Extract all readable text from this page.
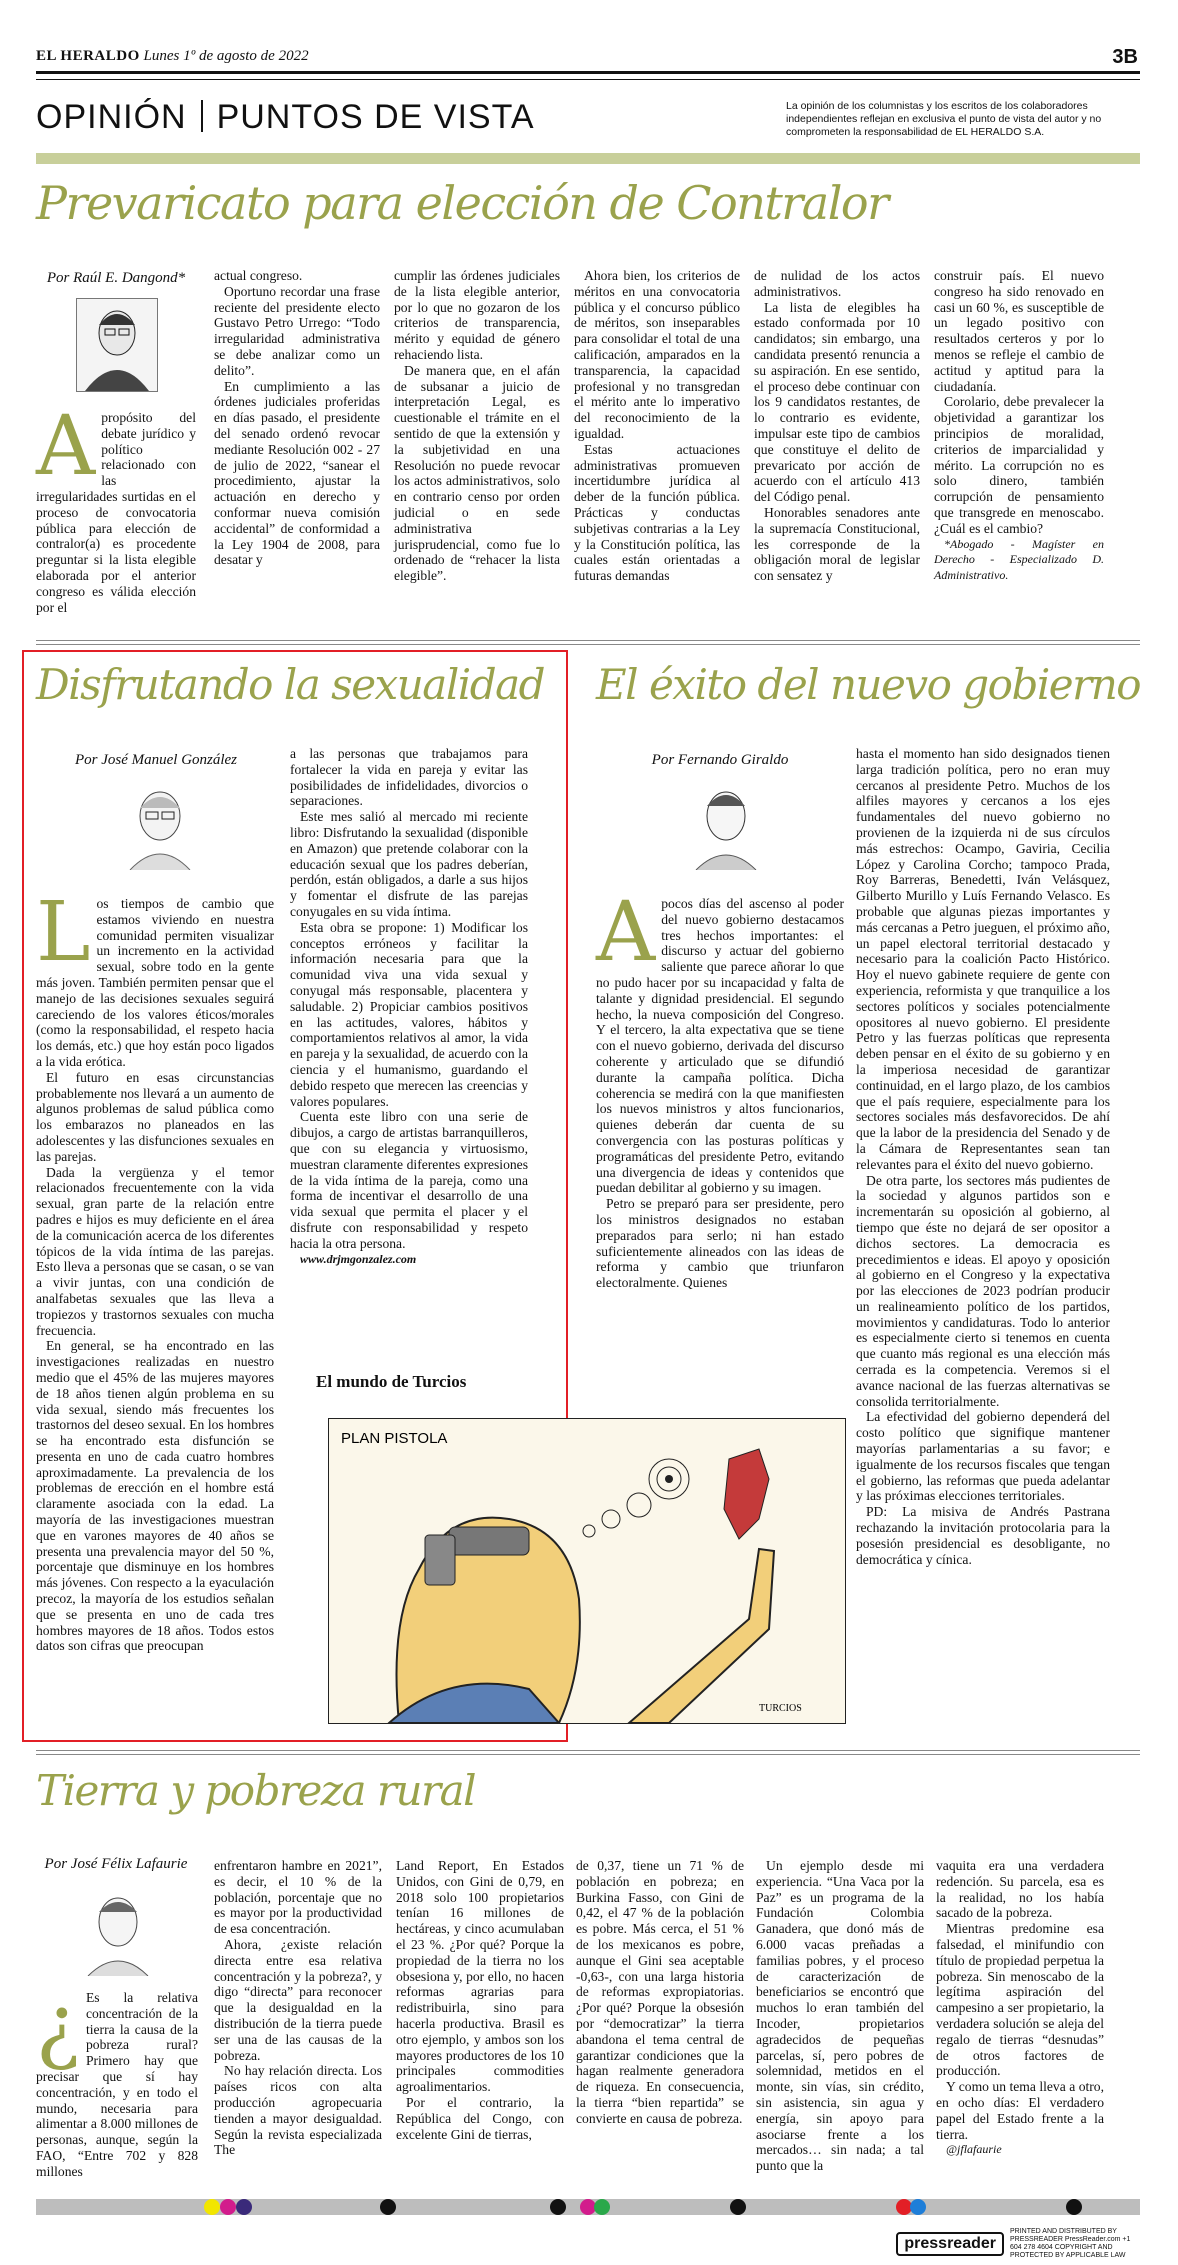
EL HERALDO Lunes 1º de agosto de 2022	3B
OPINIÓN PUNTOS DE VISTA	La opinión de los columnistas y los escritos de los colaboradores independientes reflejan en exclusiva el punto de vista del autor y no comprometen la responsabilidad de EL HERALDO S.A.
Prevaricato para elección de Contralor
Por Raúl E. Dangond*
Apropósito del debate jurídico y político relacionado con las irregularidades surtidas en el proceso de convocatoria pública para elección de contralor(a) es procedente preguntar si la lista elegible elaborada por el anterior congreso es válida elección por el

actual congreso.

Oportuno recordar una frase reciente del presidente electo Gustavo Petro Urrego: “Todo irregularidad administrativa se debe analizar como un delito”.

En cumplimiento a las órdenes judiciales proferidas en días pasado, el presidente del senado ordenó revocar mediante Resolución 002 - 27 de julio de 2022, “sanear el procedimiento, ajustar la actuación en derecho y conformar nueva comisión accidental” de conformidad a la Ley 1904 de 2008, para desatar y

cumplir las órdenes judiciales de la lista elegible anterior, por lo que no gozaron de los criterios de transparencia, mérito y equidad de género rehaciendo lista.

De manera que, en el afán de subsanar a juicio de interpretación Legal, es cuestionable el trámite en el sentido de que la extensión y la subjetividad en una Resolución no puede revocar los actos administrativos, solo en contrario censo por orden judicial o en sede administrativa jurisprudencial, como fue lo ordenado de “rehacer la lista elegible”.

Ahora bien, los criterios de méritos en una convocatoria pública y el concurso público de méritos, son inseparables para consolidar el total de una calificación, amparados en la transparencia, la capacidad profesional y no transgredan el mérito ante lo imperativo del reconocimiento de la igualdad.

Estas actuaciones administrativas promueven incertidumbre jurídica al deber de la función pública. Prácticas y conductas subjetivas contrarias a la Ley y la Constitución política, las cuales están orientadas a futuras demandas

de nulidad de los actos administrativos.

La lista de elegibles ha estado conformada por 10 candidatos; sin embargo, una candidata presentó renuncia a su aspiración. En ese sentido, el proceso debe continuar con los 9 candidatos restantes, de lo contrario es evidente, impulsar este tipo de cambios que constituye el delito de prevaricato por acción de acuerdo con el artículo 413 del Código penal.

Honorables senadores ante la supremacía Constitucional, les corresponde de la obligación moral de legislar con sensatez y

construir país. El nuevo congreso ha sido renovado en casi un 60 %, es susceptible de un legado positivo con resultados certeros y por lo menos se refleje el cambio de actitud y aptitud para la ciudadanía.

Corolario, debe prevalecer la objetividad a garantizar los principios de moralidad, criterios de imparcialidad y mérito. La corrupción no es solo dinero, también corrupción de pensamiento que transgrede en menoscabo. ¿Cuál es el cambio?

*Abogado - Magíster en Derecho - Especializado D. Administrativo.

Disfrutando la sexualidad
Por José Manuel González

Los tiempos de cambio que estamos viviendo en nuestra comunidad permiten visualizar un incremento en la actividad sexual, sobre todo en la gente más joven. También permiten pensar que el manejo de las decisiones sexuales seguirá careciendo de los valores éticos/morales (como la responsabilidad, el respeto hacia los demás, etc.) que hoy están poco ligados a la vida erótica.

El futuro en esas circunstancias probablemente nos llevará a un aumento de algunos problemas de salud pública como los embarazos no planeados en las adolescentes y las disfunciones sexuales en las parejas.

Dada la vergüenza y el temor relacionados frecuentemente con la vida sexual, gran parte de la relación entre padres e hijos es muy deficiente en el área de la comunicación acerca de los diferentes tópicos de la vida íntima de las parejas. Esto lleva a personas que se casan, o se van a vivir juntas, con una condición de analfabetas sexuales que las lleva a tropiezos y trastornos sexuales con mucha frecuencia.

En general, se ha encontrado en las investigaciones realizadas en nuestro medio que el 45% de las mujeres mayores de 18 años tienen algún problema en su vida sexual, siendo más frecuentes los trastornos del deseo sexual. En los hombres se ha encontrado esta disfunción se presenta en uno de cada cuatro hombres aproximadamente. La prevalencia de los problemas de erección en el hombre está claramente asociada con la edad. La mayoría de las investigaciones muestran que en varones mayores de 40 años se presenta una prevalencia mayor del 50 %, porcentaje que disminuye en los hombres más jóvenes. Con respecto a la eyaculación precoz, la mayoría de los estudios señalan que se presenta en uno de cada tres hombres mayores de 18 años. Todos estos datos son cifras que preocupan

a las personas que trabajamos para fortalecer la vida en pareja y evitar las posibilidades de infidelidades, divorcios o separaciones.

Este mes salió al mercado mi reciente libro: Disfrutando la sexualidad (disponible en Amazon) que pretende colaborar con la educación sexual que los padres deberían, perdón, están obligados, a darle a sus hijos y fomentar el disfrute de las parejas conyugales en su vida íntima.

Esta obra se propone: 1) Modificar los conceptos erróneos y facilitar la información necesaria para que la comunidad viva una vida sexual y conyugal más responsable, placentera y saludable. 2) Propiciar cambios positivos en las actitudes, valores, hábitos y comportamientos relativos al amor, la vida en pareja y la sexualidad, de acuerdo con la ciencia y el humanismo, guardando el debido respeto que merecen las creencias y valores populares.

Cuenta este libro con una serie de dibujos, a cargo de artistas barranquilleros, que con su elegancia y virtuosismo, muestran claramente diferentes expresiones de la vida íntima de la pareja, como una forma de incentivar el desarrollo de una vida sexual que permita el placer y el disfrute con responsabilidad y respeto hacia la otra persona.

www.drjmgonzalez.com

El mundo de Turcios
PLAN PISTOLA
TURCIOS
El éxito del nuevo gobierno
Por Fernando Giraldo

Apocos días del ascenso al poder del nuevo gobierno destacamos tres hechos importantes: el discurso y actuar del gobierno saliente que parece añorar lo que no pudo hacer por su incapacidad y falta de talante y dignidad presidencial. El segundo hecho, la nueva composición del Congreso. Y el tercero, la alta expectativa que se tiene con el nuevo gobierno, derivada del discurso coherente y articulado que se difundió durante la campaña política. Dicha coherencia se medirá con la que manifiesten los nuevos ministros y altos funcionarios, quienes deberán dar cuenta de su convergencia con las posturas políticas y programáticas del presidente Petro, evitando una divergencia de ideas y contenidos que puedan debilitar al gobierno y su imagen.

Petro se preparó para ser presidente, pero los ministros designados no estaban preparados para serlo; ni han estado suficientemente alineados con las ideas de reforma y cambio que triunfaron electoralmente. Quienes

hasta el momento han sido designados tienen larga tradición política, pero no eran muy cercanos al presidente Petro. Muchos de los alfiles mayores y cercanos a los ejes fundamentales del nuevo gobierno no provienen de la izquierda ni de sus círculos más estrechos: Ocampo, Gaviria, Cecilia López y Carolina Corcho; tampoco Prada, Roy Barreras, Benedetti, Iván Velásquez, Gilberto Murillo y Luís Fernando Velasco. Es probable que algunas piezas importantes y más cercanas a Petro jueguen, el próximo año, un papel electoral territorial destacado y necesario para la coalición Pacto Histórico. Hoy el nuevo gabinete requiere de gente con experiencia, reformista y que tranquilice a los sectores políticos y sociales potencialmente opositores al nuevo gobierno. El presidente Petro y las fuerzas políticas que representa deben pensar en el éxito de su gobierno y en la imperiosa necesidad de garantizar continuidad, en el largo plazo, de los cambios que el país requiere, especialmente para los sectores sociales más desfavorecidos. De ahí que la labor de la presidencia del Senado y de la Cámara de Representantes sean tan relevantes para el éxito del nuevo gobierno.

De otra parte, los sectores más pudientes de la sociedad y algunos partidos son e incrementarán su oposición al gobierno, al tiempo que éste no dejará de ser opositor a dichos sectores. La democracia es precedimientos e ideas. El apoyo y oposición al gobierno en el Congreso y la expectativa por las elecciones de 2023 podrían producir un realineamiento político de los partidos, movimientos y candidaturas. Todo lo anterior es especialmente cierto si tenemos en cuenta que cuanto más regional es una elección más cerrada es la competencia. Veremos si el avance nacional de las fuerzas alternativas se consolida territorialmente.

La efectividad del gobierno dependerá del costo político que signifique mantener mayorías parlamentarias a su favor; e igualmente de los recursos fiscales que tengan el gobierno, las reformas que pueda adelantar y las próximas elecciones territoriales.

PD: La misiva de Andrés Pastrana rechazando la invitación protocolaria para la posesión presidencial es desobligante, no democrática y cínica.

Tierra y pobreza rural
Por José Félix Lafaurie
¿ Es la relativa concentración de la tierra la causa de la pobreza rural? Primero hay que precisar que sí hay concentración, y en todo el mundo, necesaria para alimentar a 8.000 millones de personas, aunque, según la FAO, “Entre 702 y 828 millones

enfrentaron hambre en 2021”, es decir, el 10 % de la población, porcentaje que no es mayor por la productividad de esa concentración.

Ahora, ¿existe relación directa entre esa relativa concentración y la pobreza?, y digo “directa” para reconocer que la desigualdad en la distribución de la tierra puede ser una de las causas de la pobreza.

No hay relación directa. Los países ricos con alta producción agropecuaria tienden a mayor desigualdad. Según la revista especializada The

Land Report, En Estados Unidos, con Gini de 0,79, en 2018 solo 100 propietarios tenían 16 millones de hectáreas, y cinco acumulaban el 23 %. ¿Por qué? Porque la propiedad de la tierra no los obsesiona y, por ello, no hacen reformas agrarias para redistribuirla, sino para hacerla productiva. Brasil es otro ejemplo, y ambos son los mayores productores de los 10 principales commodities agroalimentarios.

Por el contrario, la República del Congo, con excelente Gini de tierras,

de 0,37, tiene un 71 % de población en pobreza; en Burkina Fasso, con Gini de 0,42, el 47 % de la población es pobre. Más cerca, el 51 % de los mexicanos es pobre, aunque el Gini sea aceptable -0,63-, con una larga historia de reformas expropiatorias. ¿Por qué? Porque la obsesión por “democratizar” la tierra abandona el tema central de garantizar condiciones que la hagan realmente generadora de riqueza. En consecuencia, la tierra “bien repartida” se convierte en causa de pobreza.

Un ejemplo desde mi experiencia. “Una Vaca por la Paz” es un programa de la Fundación Colombia Ganadera, que donó más de 6.000 vacas preñadas a familias pobres, y el proceso de caracterización de beneficiarios se encontró que muchos lo eran también del Incoder, propietarios agradecidos de pequeñas parcelas, sí, pero pobres de solemnidad, metidos en el monte, sin vías, sin crédito, sin asistencia, sin agua y energía, sin apoyo para asociarse frente a los mercados… sin nada; a tal punto que la

vaquita era una verdadera redención. Su parcela, esa es la realidad, no los había sacado de la pobreza.

Mientras predomine esa falsedad, el minifundio con título de propiedad perpetua la pobreza. Sin menoscabo de la legítima aspiración del campesino a ser propietario, la verdadera solución se aleja del regalo de tierras “desnudas” de otros factores de producción.

Y como un tema lleva a otro, en ocho días: El verdadero papel del Estado frente a la tierra.

@jflafaurie

pressreaderPRINTED AND DISTRIBUTED BY PRESSREADER PressReader.com +1 604 278 4604 COPYRIGHT AND PROTECTED BY APPLICABLE LAW
